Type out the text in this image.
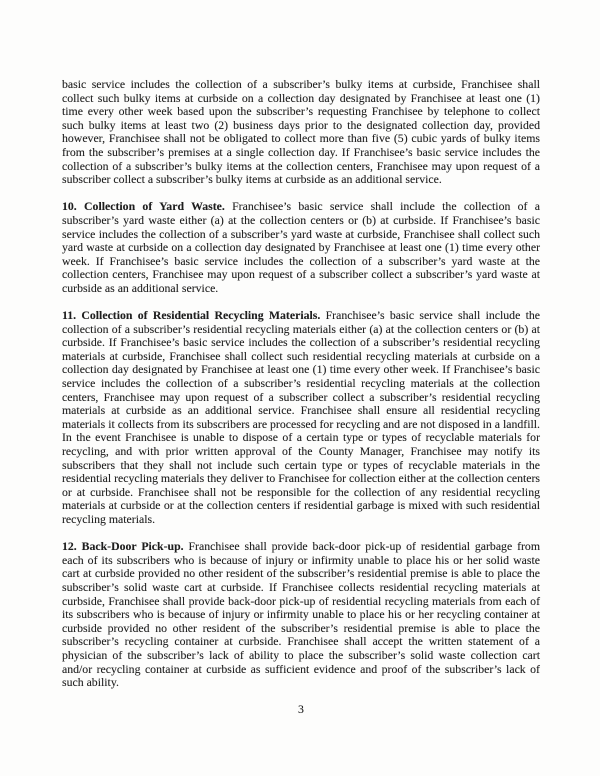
basic service includes the collection of a subscriber’s bulky items at curbside, Franchisee shall collect such bulky items at curbside on a collection day designated by Franchisee at least one (1) time every other week based upon the subscriber’s requesting Franchisee by telephone to collect such bulky items at least two (2) business days prior to the designated collection day, provided however, Franchisee shall not be obligated to collect more than five (5) cubic yards of bulky items from the subscriber’s premises at a single collection day. If Franchisee’s basic service includes the collection of a subscriber’s bulky items at the collection centers, Franchisee may upon request of a subscriber collect a subscriber’s bulky items at curbside as an additional service.

10. Collection of Yard Waste. Franchisee’s basic service shall include the collection of a subscriber’s yard waste either (a) at the collection centers or (b) at curbside. If Franchisee’s basic service includes the collection of a subscriber’s yard waste at curbside, Franchisee shall collect such yard waste at curbside on a collection day designated by Franchisee at least one (1) time every other week. If Franchisee’s basic service includes the collection of a subscriber’s yard waste at the collection centers, Franchisee may upon request of a subscriber collect a subscriber’s yard waste at curbside as an additional service.

11. Collection of Residential Recycling Materials. Franchisee’s basic service shall include the collection of a subscriber’s residential recycling materials either (a) at the collection centers or (b) at curbside. If Franchisee’s basic service includes the collection of a subscriber’s residential recycling materials at curbside, Franchisee shall collect such residential recycling materials at curbside on a collection day designated by Franchisee at least one (1) time every other week. If Franchisee’s basic service includes the collection of a subscriber’s residential recycling materials at the collection centers, Franchisee may upon request of a subscriber collect a subscriber’s residential recycling materials at curbside as an additional service. Franchisee shall ensure all residential recycling materials it collects from its subscribers are processed for recycling and are not disposed in a landfill. In the event Franchisee is unable to dispose of a certain type or types of recyclable materials for recycling, and with prior written approval of the County Manager, Franchisee may notify its subscribers that they shall not include such certain type or types of recyclable materials in the residential recycling materials they deliver to Franchisee for collection either at the collection centers or at curbside. Franchisee shall not be responsible for the collection of any residential recycling materials at curbside or at the collection centers if residential garbage is mixed with such residential recycling materials.

12. Back-Door Pick-up. Franchisee shall provide back-door pick-up of residential garbage from each of its subscribers who is because of injury or infirmity unable to place his or her solid waste cart at curbside provided no other resident of the subscriber’s residential premise is able to place the subscriber’s solid waste cart at curbside. If Franchisee collects residential recycling materials at curbside, Franchisee shall provide back-door pick-up of residential recycling materials from each of its subscribers who is because of injury or infirmity unable to place his or her recycling container at curbside provided no other resident of the subscriber’s residential premise is able to place the subscriber’s recycling container at curbside. Franchisee shall accept the written statement of a physician of the subscriber’s lack of ability to place the subscriber’s solid waste collection cart and/or recycling container at curbside as sufficient evidence and proof of the subscriber’s lack of such ability.

3
